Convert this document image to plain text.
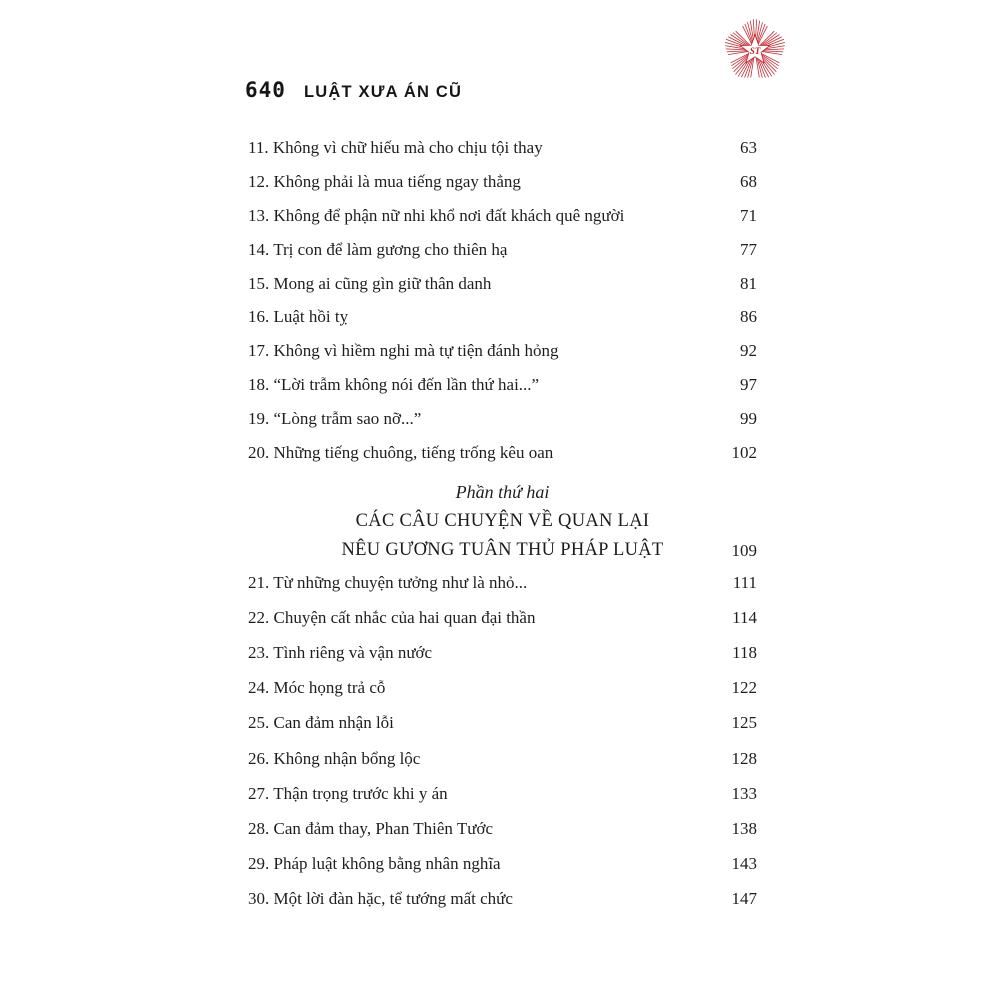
640 LUẬT XƯA ÁN CŨ
ST
11. Không vì chữ hiếu mà cho chịu tội thay	63
12. Không phải là mua tiếng ngay thẳng	68
13. Không để phận nữ nhi khổ nơi đất khách quê người	71
14. Trị con để làm gương cho thiên hạ	77
15. Mong ai cũng gìn giữ thân danh	81
16. Luật hồi tỵ	86
17. Không vì hiềm nghi mà tự tiện đánh hỏng	92
18. “Lời trẫm không nói đến lần thứ hai...”	97
19. “Lòng trẫm sao nỡ...”	99
20. Những tiếng chuông, tiếng trống kêu oan	102
Phần thứ hai
CÁC CÂU CHUYỆN VỀ QUAN LẠI
NÊU GƯƠNG TUÂN THỦ PHÁP LUẬT	109
21. Từ những chuyện tưởng như là nhỏ...	111
22. Chuyện cất nhắc của hai quan đại thần	114
23. Tình riêng và vận nước	118
24. Móc họng trả cỗ	122
25. Can đảm nhận lỗi	125
26. Không nhận bổng lộc	128
27. Thận trọng trước khi y án	133
28. Can đảm thay, Phan Thiên Tước	138
29. Pháp luật không bằng nhân nghĩa	143
30. Một lời đàn hặc, tể tướng mất chức	147
